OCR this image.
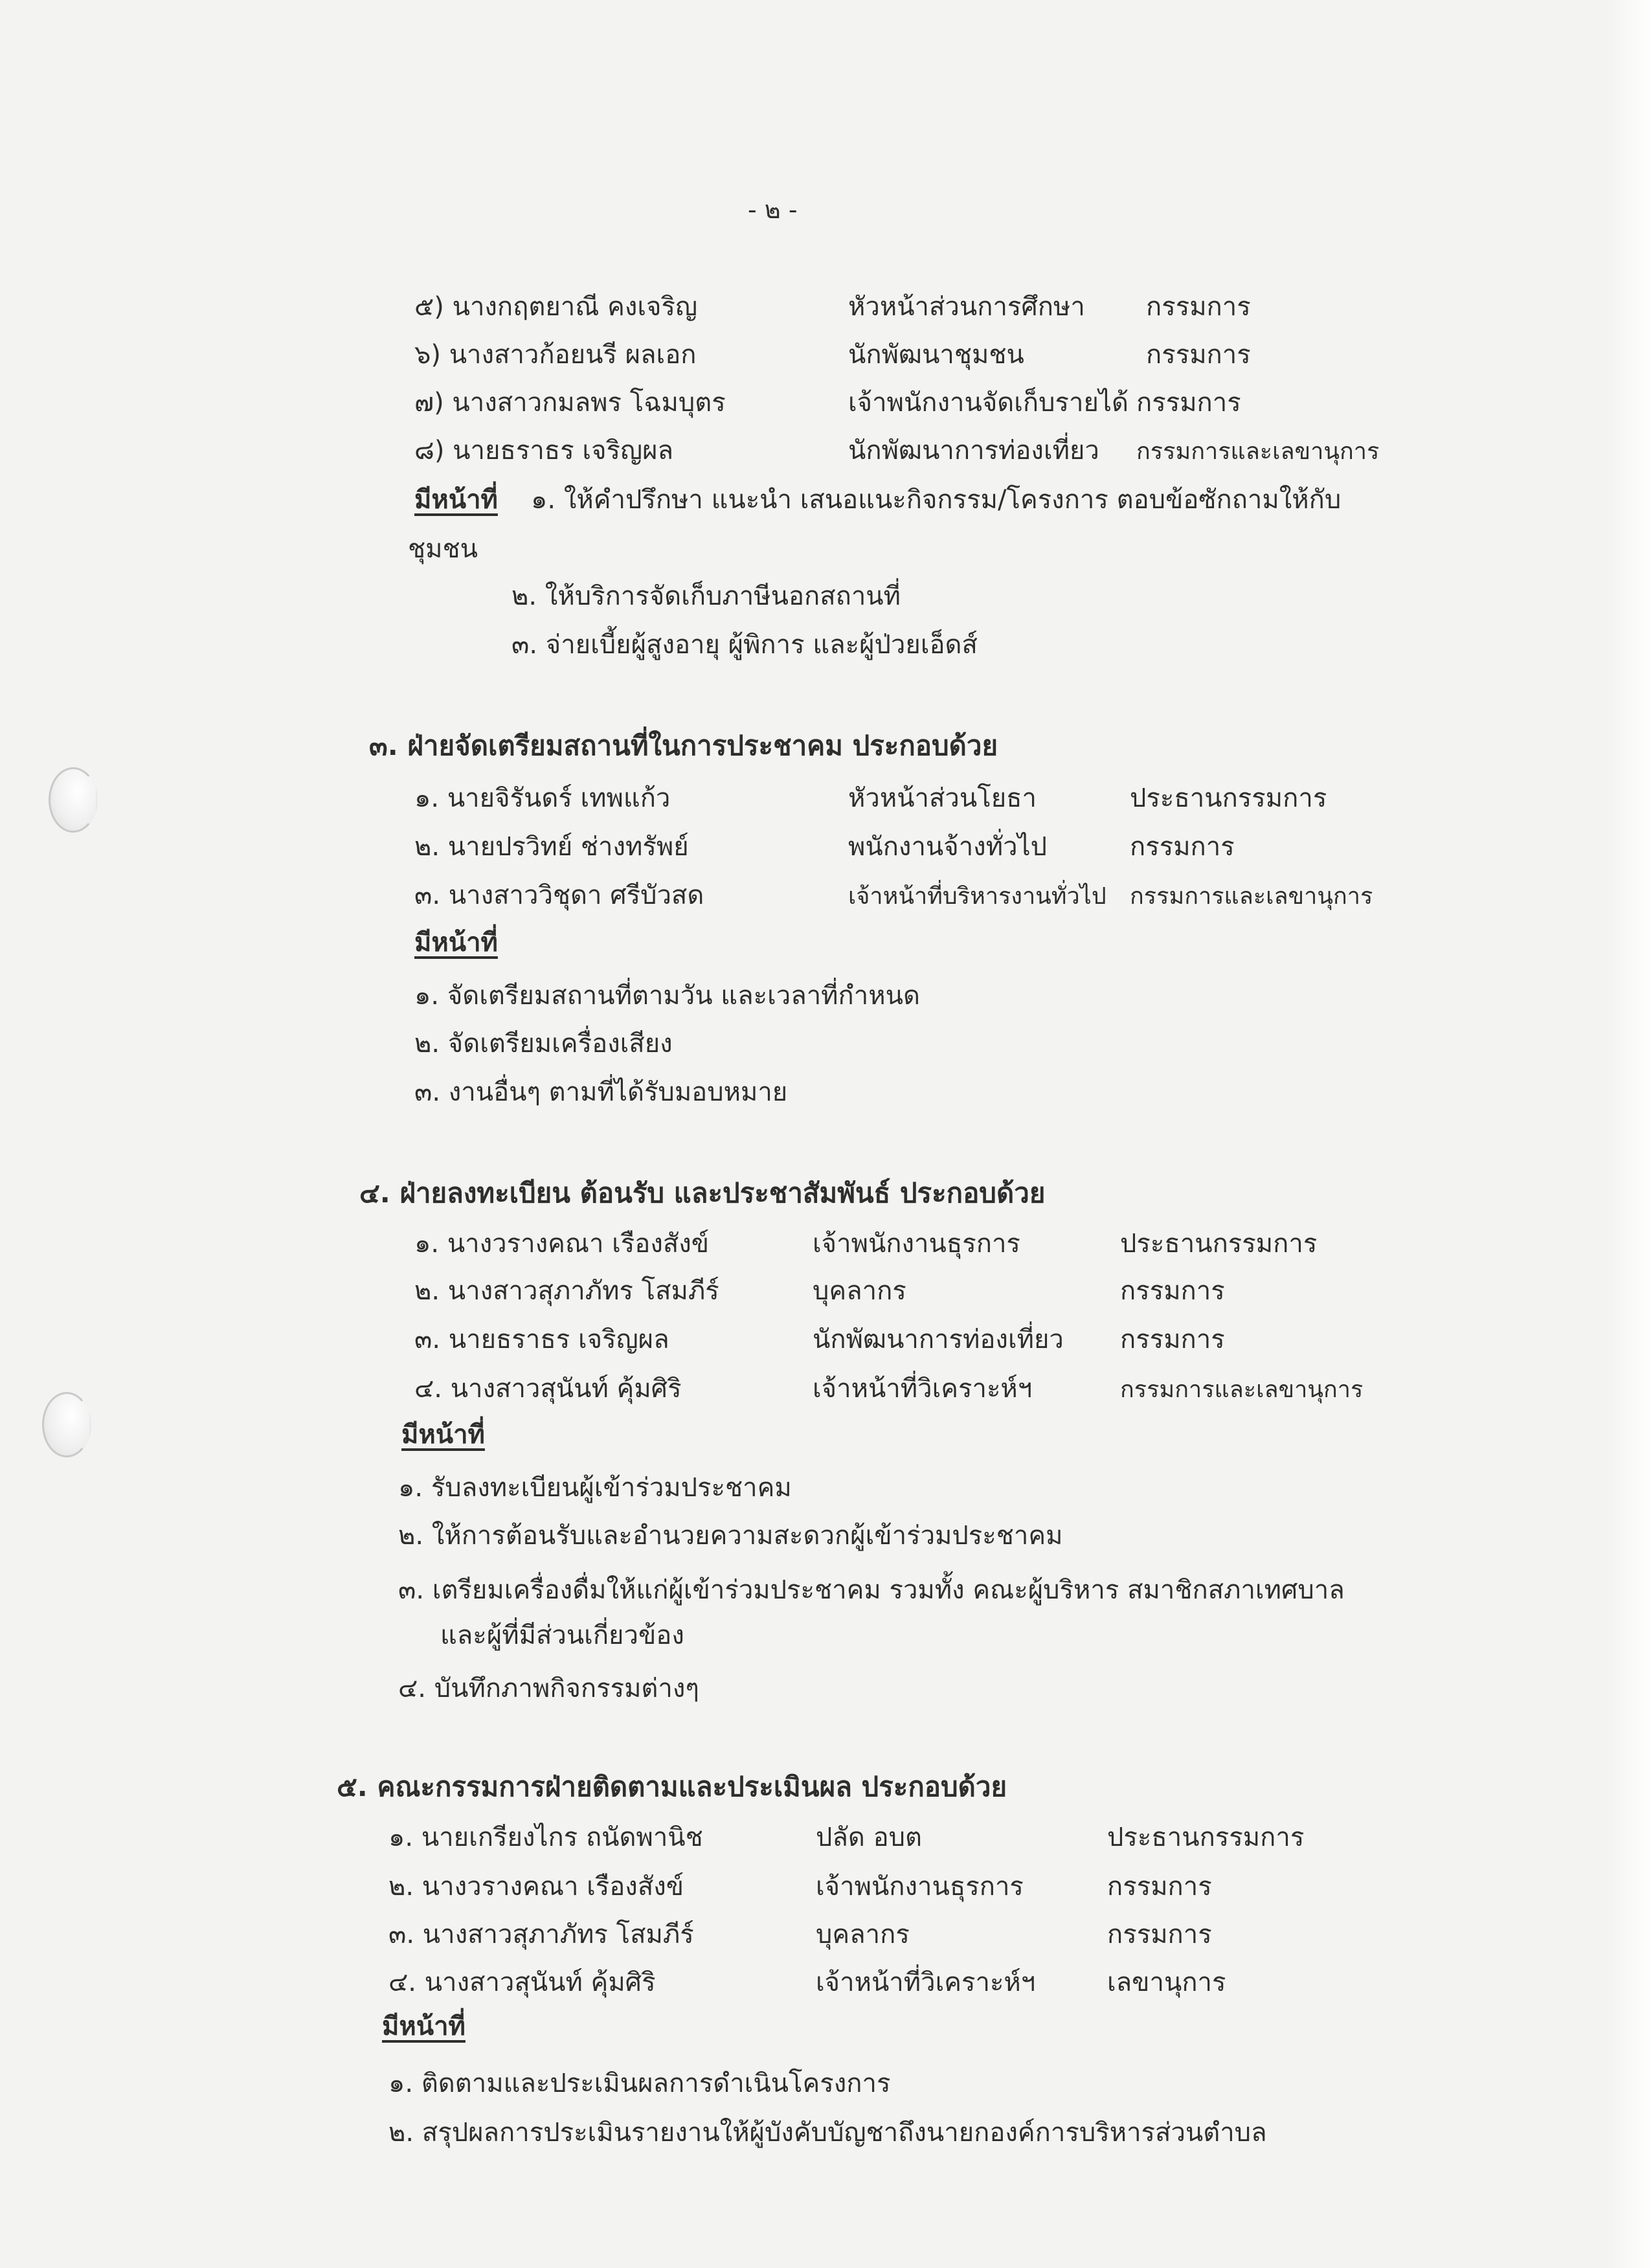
- ๒ -
๕) นางกฤตยาณี คงเจริญ	หัวหน้าส่วนการศึกษา กรรมการ
๖) นางสาวก้อยนรี ผลเอก	นักพัฒนาชุมชน	กรรมการ
๗) นางสาวกมลพร โฉมบุตร	เจ้าพนักงานจัดเก็บรายได้ กรรมการ
๘) นายธราธร เจริญผล	นักพัฒนาการท่องเที่ยว กรรมการและเลขานุการ
มีหน้าที่ ๑. ให้คำปรึกษา แนะนำ เสนอแนะกิจกรรม/โครงการ ตอบข้อซักถามให้กับ
ชุมชน
๒. ให้บริการจัดเก็บภาษีนอกสถานที่
๓. จ่ายเบี้ยผู้สูงอายุ ผู้พิการ และผู้ป่วยเอ็ดส์
๓. ฝ่ายจัดเตรียมสถานที่ในการประชาคม ประกอบด้วย
๑. นายจิรันดร์ เทพแก้ว	หัวหน้าส่วนโยธา	ประธานกรรมการ
๒. นายปรวิทย์ ช่างทรัพย์	พนักงานจ้างทั่วไป	กรรมการ
๓. นางสาววิชุดา ศรีบัวสด	เจ้าหน้าที่บริหารงานทั่วไป กรรมการและเลขานุการ
มีหน้าที่
๑. จัดเตรียมสถานที่ตามวัน และเวลาที่กำหนด
๒. จัดเตรียมเครื่องเสียง
๓. งานอื่นๆ ตามที่ได้รับมอบหมาย
๔. ฝ่ายลงทะเบียน ต้อนรับ และประชาสัมพันธ์ ประกอบด้วย
๑. นางวรางคณา เรืองสังข์	เจ้าพนักงานธุรการ	ประธานกรรมการ
๒. นางสาวสุภาภัทร โสมภีร์	บุคลากร	กรรมการ
๓. นายธราธร เจริญผล	นักพัฒนาการท่องเที่ยว กรรมการ
๔. นางสาวสุนันท์ คุ้มศิริ	เจ้าหน้าที่วิเคราะห์ฯ	กรรมการและเลขานุการ
มีหน้าที่
๑. รับลงทะเบียนผู้เข้าร่วมประชาคม
๒. ให้การต้อนรับและอำนวยความสะดวกผู้เข้าร่วมประชาคม
๓. เตรียมเครื่องดื่มให้แก่ผู้เข้าร่วมประชาคม รวมทั้ง คณะผู้บริหาร สมาชิกสภาเทศบาล
และผู้ที่มีส่วนเกี่ยวข้อง
๔. บันทึกภาพกิจกรรมต่างๆ
๕. คณะกรรมการฝ่ายติดตามและประเมินผล ประกอบด้วย
๑. นายเกรียงไกร ถนัดพานิช	ปลัด อบต	ประธานกรรมการ
๒. นางวรางคณา เรืองสังข์	เจ้าพนักงานธุรการ	กรรมการ
๓. นางสาวสุภาภัทร โสมภีร์	บุคลากร	กรรมการ
๔. นางสาวสุนันท์ คุ้มศิริ	เจ้าหน้าที่วิเคราะห์ฯ	เลขานุการ
มีหน้าที่
๑. ติดตามและประเมินผลการดำเนินโครงการ
๒. สรุปผลการประเมินรายงานให้ผู้บังคับบัญชาถึงนายกองค์การบริหารส่วนตำบล
